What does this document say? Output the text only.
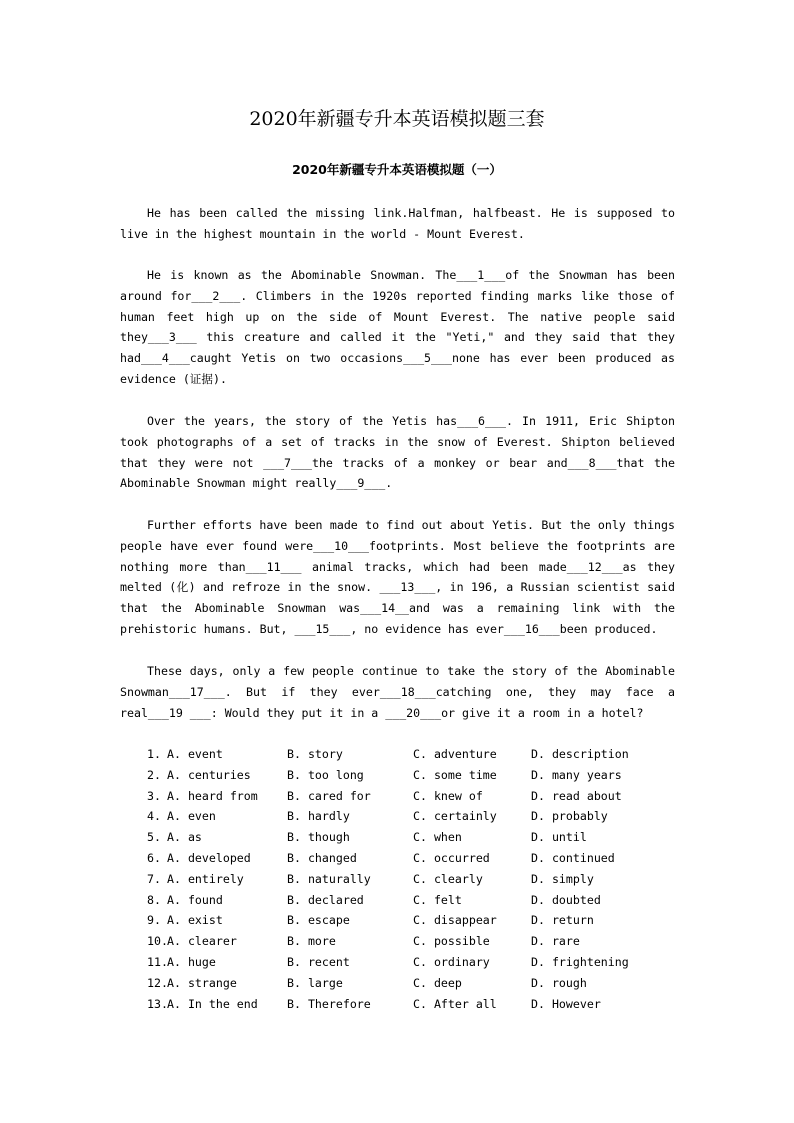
2020年新疆专升本英语模拟题三套
2020年新疆专升本英语模拟题（一）

He has been called the missing link.Halfman, halfbeast. He is supposed to live in the highest mountain in the world - Mount Everest.

He is known as the Abominable Snowman. The___1___of the Snowman has been around for___2___. Climbers in the 1920s reported finding marks like those of human feet high up on the side of Mount Everest. The native people said they___3___ this creature and called it the "Yeti," and they said that they had___4___caught Yetis on two occasions___5___none has ever been produced as evidence (证据).

Over the years, the story of the Yetis has___6___. In 1911, Eric Shipton took photographs of a set of tracks in the snow of Everest. Shipton believed that they were not ___7___the tracks of a monkey or bear and___8___that the Abominable Snowman might really___9___.

Further efforts have been made to find out about Yetis. But the only things people have ever found were___10___footprints. Most believe the footprints are nothing more than___11___ animal tracks, which had been made___12___as they melted (化) and refroze in the snow. ___13___, in 196, a Russian scientist said that the Abominable Snowman was___14__and was a remaining link with the prehistoric humans. But, ___15___, no evidence has ever___16___been produced.

These days, only a few people continue to take the story of the Abominable Snowman___17___. But if they ever___18___catching one, they may face a real___19 ___: Would they put it in a ___20___or give it a room in a hotel?

1. A. event	B. story	C. adventure	D. description
2. A. centuries	B. too long	C. some time	D. many years
3. A. heard from	B. cared for	C. knew of	D. read about
4. A. even	B. hardly	C. certainly	D. probably
5. A. as	B. though	C. when	D. until
6. A. developed	B. changed	C. occurred	D. continued
7. A. entirely	B. naturally	C. clearly	D. simply
8. A. found	B. declared	C. felt	D. doubted
9. A. exist	B. escape	C. disappear	D. return
10.A. clearer	B. more	C. possible	D. rare
11.A. huge	B. recent	C. ordinary	D. frightening
12.A. strange	B. large	C. deep	D. rough
13.A. In the end	B. Therefore	C. After all	D. However
